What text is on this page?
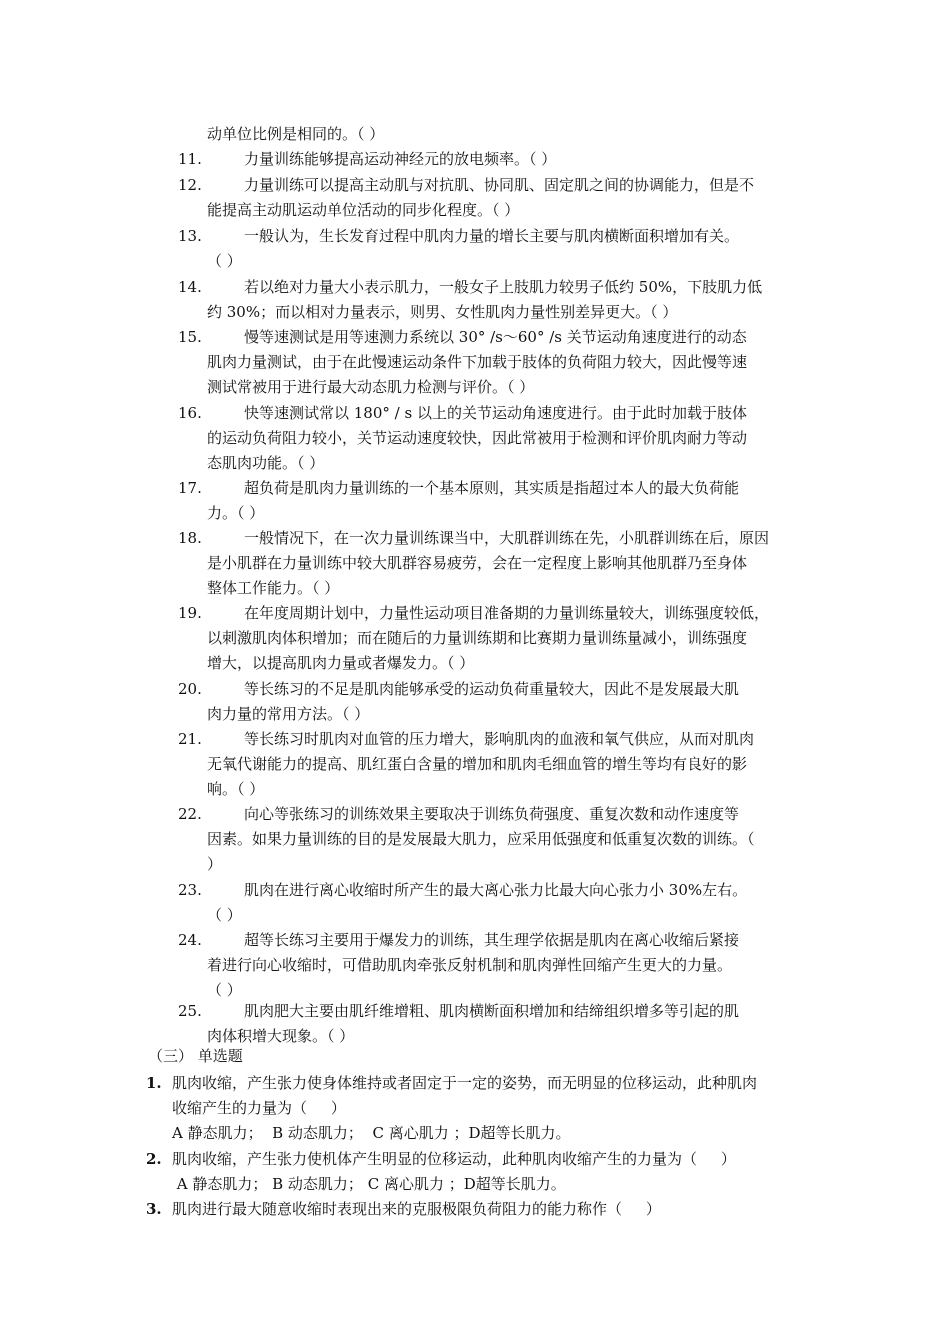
动单位比例是相同的。（ ）
11.	力量训练能够提高运动神经元的放电频率。（ ）
12.	力量训练可以提高主动肌与对抗肌、协同肌、固定肌之间的协调能力，但是不
能提高主动肌运动单位活动的同步化程度。（ ）
13.	一般认为，生长发育过程中肌肉力量的增长主要与肌肉横断面积增加有关。
（ ）
14.	若以绝对力量大小表示肌力，一般女子上肢肌力较男子低约 50%，下肢肌力低
约 30%；而以相对力量表示，则男、女性肌肉力量性别差异更大。（ ）
15.	慢等速测试是用等速测力系统以 30° /s～60° /s 关节运动角速度进行的动态
肌肉力量测试，由于在此慢速运动条件下加载于肢体的负荷阻力较大，因此慢等速
测试常被用于进行最大动态肌力检测与评价。（ ）
16.	快等速测试常以 180° / s 以上的关节运动角速度进行。由于此时加载于肢体
的运动负荷阻力较小，关节运动速度较快，因此常被用于检测和评价肌肉耐力等动
态肌肉功能。（ ）
17.	超负荷是肌肉力量训练的一个基本原则，其实质是指超过本人的最大负荷能
力。（ ）
18.	一般情况下，在一次力量训练课当中，大肌群训练在先，小肌群训练在后，原因
是小肌群在力量训练中较大肌群容易疲劳，会在一定程度上影响其他肌群乃至身体
整体工作能力。（ ）
19.	在年度周期计划中，力量性运动项目准备期的力量训练量较大，训练强度较低，
以刺激肌肉体积增加；而在随后的力量训练期和比赛期力量训练量减小，训练强度
增大，以提高肌肉力量或者爆发力。（ ）
20.	等长练习的不足是肌肉能够承受的运动负荷重量较大，因此不是发展最大肌
肉力量的常用方法。（ ）
21.	等长练习时肌肉对血管的压力增大，影响肌肉的血液和氧气供应，从而对肌肉
无氧代谢能力的提高、肌红蛋白含量的增加和肌肉毛细血管的增生等均有良好的影
响。（ ）
22.	向心等张练习的训练效果主要取决于训练负荷强度、重复次数和动作速度等
因素。如果力量训练的目的是发展最大肌力，应采用低强度和低重复次数的训练。（
）
23.	肌肉在进行离心收缩时所产生的最大离心张力比最大向心张力小 30%左右。
（ ）
24.	超等长练习主要用于爆发力的训练，其生理学依据是肌肉在离心收缩后紧接
着进行向心收缩时，可借助肌肉牵张反射机制和肌肉弹性回缩产生更大的力量。
（ ）
25.	肌肉肥大主要由肌纤维增粗、肌肉横断面积增加和结缔组织增多等引起的肌
肉体积增大现象。（ ）
（三） 单选题
1. 肌肉收缩，产生张力使身体维持或者固定于一定的姿势，而无明显的位移运动，此种肌肉
收缩产生的力量为（     ）
A 静态肌力；  B 动态肌力；  C 离心肌力 ；D超等长肌力。
2. 肌肉收缩，产生张力使机体产生明显的位移运动，此种肌肉收缩产生的力量为（     ）
A 静态肌力； B 动态肌力； C 离心肌力 ；D超等长肌力。
3. 肌肉进行最大随意收缩时表现出来的克服极限负荷阻力的能力称作（     ）
